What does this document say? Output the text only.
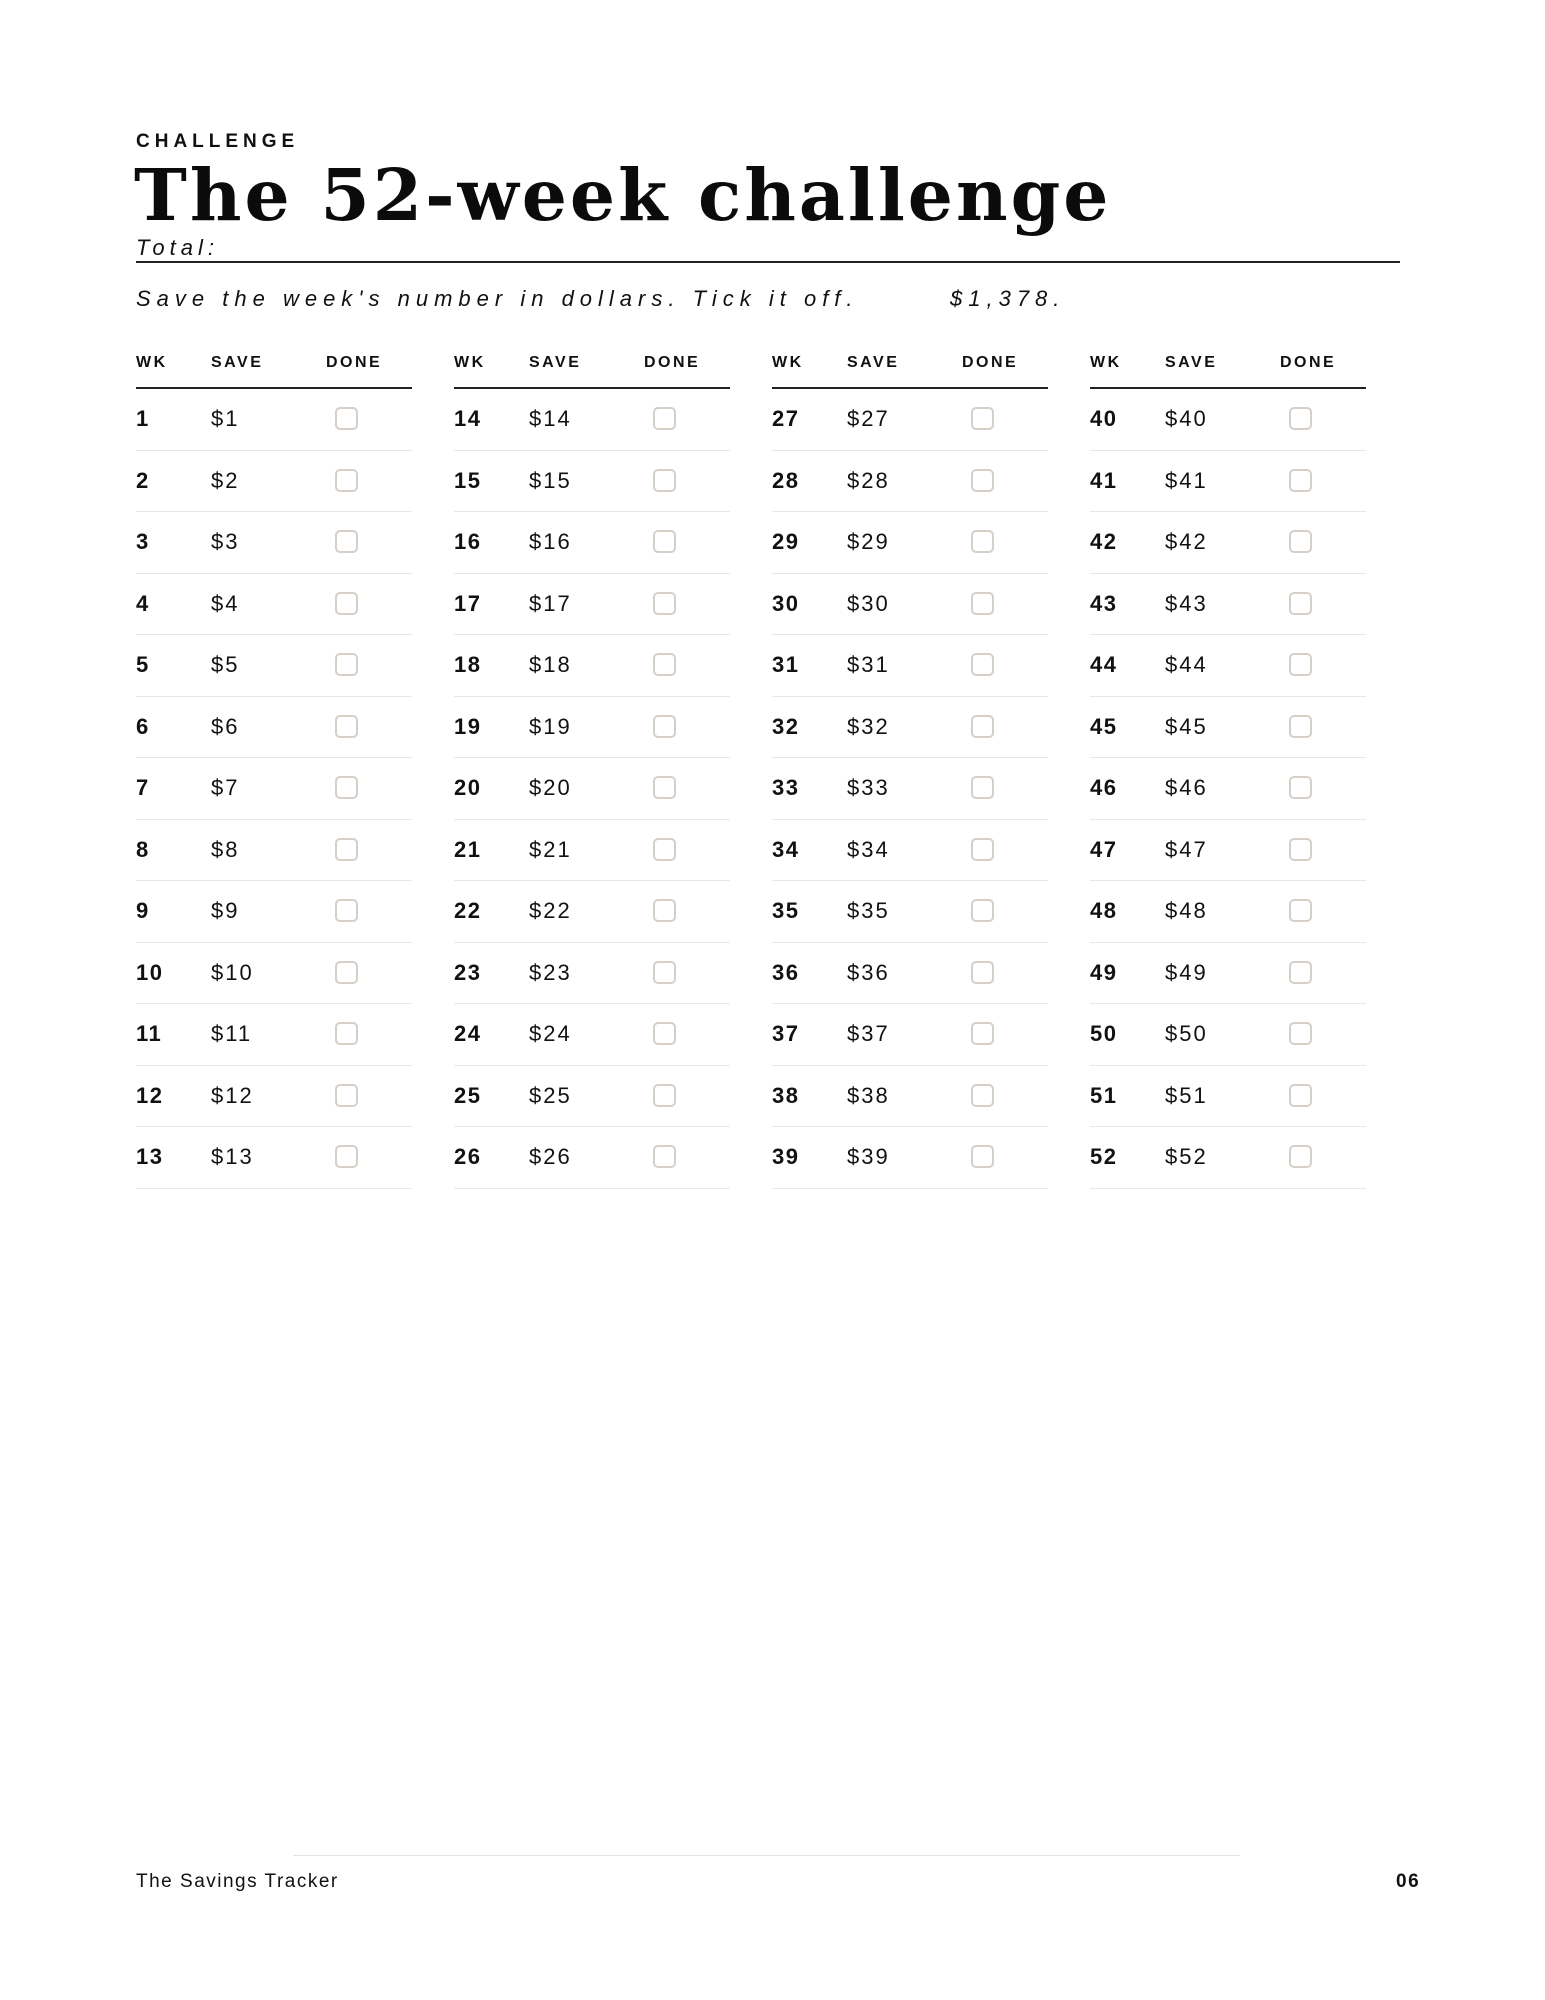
CHALLENGE
The 52-week challenge
Total:
Save the week's number in dollars. Tick it off.	$1,378.
WK	SAVE	DONE
1	$1
2	$2
3	$3
4	$4
5	$5
6	$6
7	$7
8	$8
9	$9
10 $10
11 $11
12 $12
13 $13
WK	SAVE	DONE
14 $14
15 $15
16 $16
17 $17
18 $18
19 $19
20 $20
21 $21
22 $22
23 $23
24 $24
25 $25
26 $26
WK	SAVE	DONE
27 $27
28 $28
29 $29
30 $30
31 $31
32 $32
33 $33
34 $34
35 $35
36 $36
37 $37
38 $38
39 $39
WK	SAVE	DONE
40 $40
41 $41
42 $42
43 $43
44 $44
45 $45
46 $46
47 $47
48 $48
49 $49
50 $50
51 $51
52 $52
The Savings Tracker	06
